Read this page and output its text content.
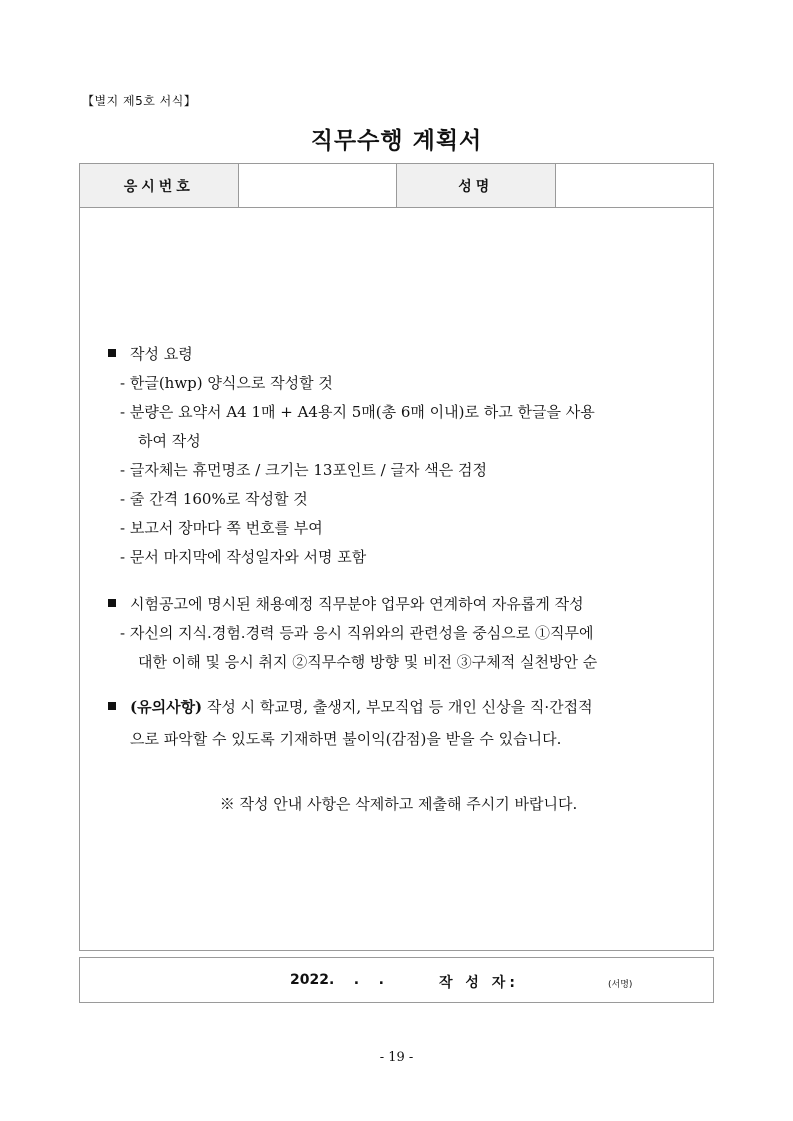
【별지 제5호 서식】
직무수행 계획서
응시번호		성명	
작성 요령
- 한글(hwp) 양식으로 작성할 것
- 분량은 요약서 A4 1매 + A4용지 5매(총 6매 이내)로 하고 한글을 사용
하여 작성
- 글자체는 휴먼명조 / 크기는 13포인트 / 글자 색은 검정
- 줄 간격 160%로 작성할 것
- 보고서 장마다 쪽 번호를 부여
- 문서 마지막에 작성일자와 서명 포함
시험공고에 명시된 채용예정 직무분야 업무와 연계하여 자유롭게 작성
- 자신의 지식.경험.경력 등과 응시 직위와의 관련성을 중심으로 ①직무에
대한 이해 및 응시 취지 ②직무수행 방향 및 비전 ③구체적 실천방안 순
(유의사항) 작성 시 학교명, 출생지, 부모직업 등 개인 신상을 직·간접적
으로 파악할 수 있도록 기재하면 불이익(감점)을 받을 수 있습니다.
※ 작성 안내 사항은 삭제하고 제출해 주시기 바랍니다.
2022.    .    .	작 성 자:	(서명)
- 19 -
